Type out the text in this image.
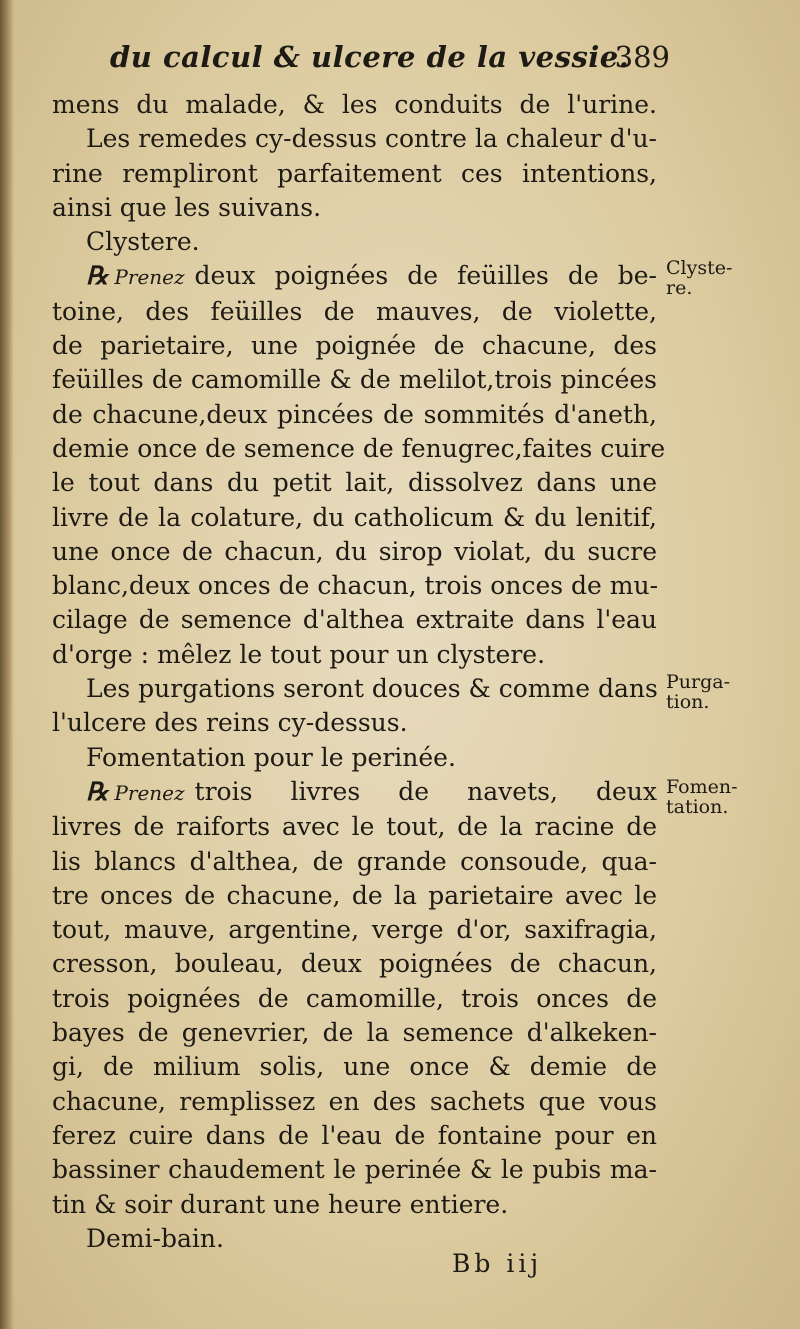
du calcul & ulcere de la vessie.
389
mens du malade, & les conduits de l'urine.
Les remedes cy-dessus contre la chaleur d'u-
rine rempliront parfaitement ces intentions,
ainsi que les suivans.
Clystere.
℞ Prenez deux poignées de feüilles de be-
toine, des feüilles de mauves, de violette,
de parietaire, une poignée de chacune, des
feüilles de camomille & de melilot,trois pincées
de chacune,deux pincées de sommités d'aneth,
demie once de semence de fenugrec,faites cuire
le tout dans du petit lait, dissolvez dans une
livre de la colature, du catholicum & du lenitif,
une once de chacun, du sirop violat, du sucre
blanc,deux onces de chacun, trois onces de mu-
cilage de semence d'althea extraite dans l'eau
d'orge : mêlez le tout pour un clystere.
Les purgations seront douces & comme dans
l'ulcere des reins cy-dessus.
Fomentation pour le perinée.
℞ Prenez trois livres de navets, deux
livres de raiforts avec le tout, de la racine de
lis blancs d'althea, de grande consoude, qua-
tre onces de chacune, de la parietaire avec le
tout, mauve, argentine, verge d'or, saxifragia,
cresson, bouleau, deux poignées de chacun,
trois poignées de camomille, trois onces de
bayes de genevrier, de la semence d'alkeken-
gi, de milium solis, une once & demie de
chacune, remplissez en des sachets que vous
ferez cuire dans de l'eau de fontaine pour en
bassiner chaudement le perinée & le pubis ma-
tin & soir durant une heure entiere.
Demi-bain.
Clyste-
re.
Purga-
tion.
Fomen-
tation.
Bb iij
